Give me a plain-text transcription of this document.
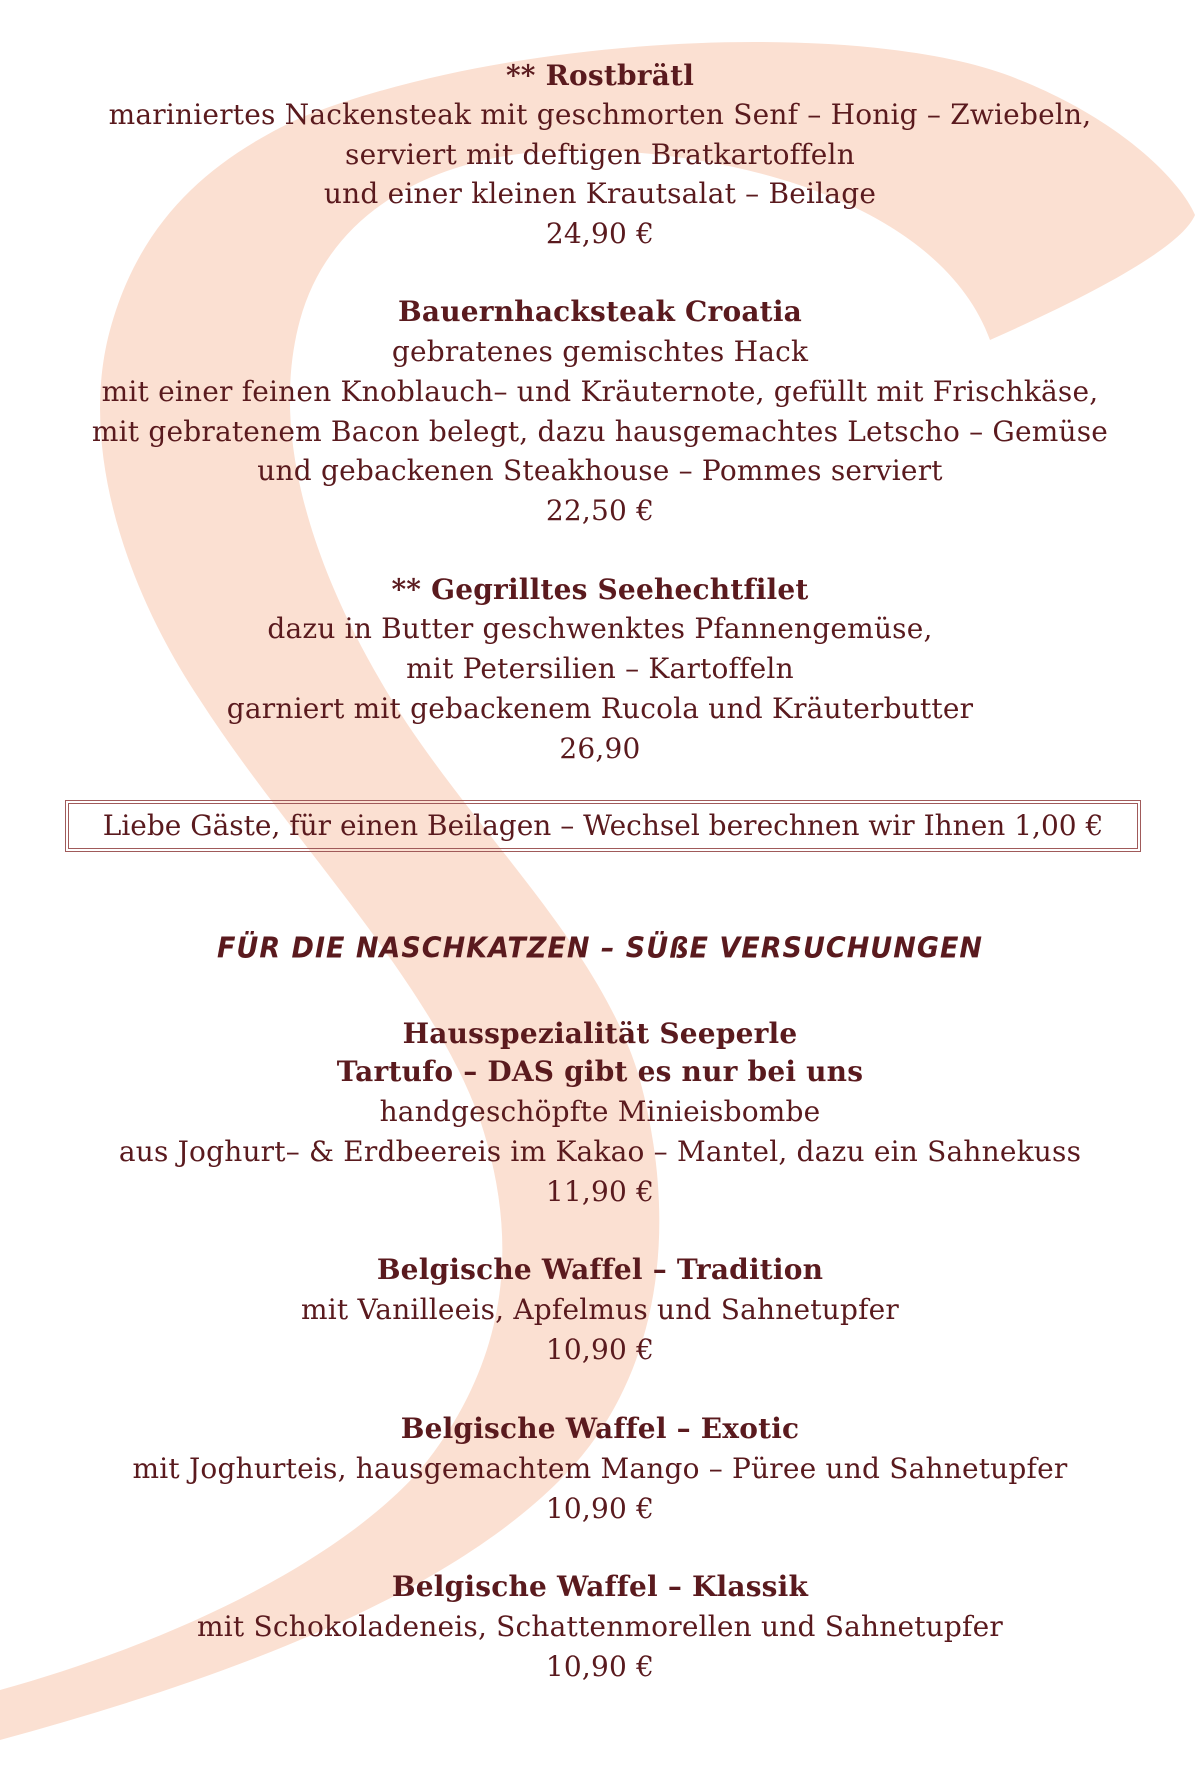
** Rostbrätl
mariniertes Nackensteak mit geschmorten Senf – Honig – Zwiebeln,
serviert mit deftigen Bratkartoffeln
und einer kleinen Krautsalat – Beilage
24,90 €
Bauernhacksteak Croatia
gebratenes gemischtes Hack
mit einer feinen Knoblauch– und Kräuternote, gefüllt mit Frischkäse,
mit gebratenem Bacon belegt, dazu hausgemachtes Letscho – Gemüse
und gebackenen Steakhouse – Pommes serviert
22,50 €
** Gegrilltes Seehechtfilet
dazu in Butter geschwenktes Pfannengemüse,
mit Petersilien – Kartoffeln
garniert mit gebackenem Rucola und Kräuterbutter
26,90
Liebe Gäste, für einen Beilagen – Wechsel berechnen wir Ihnen 1,00 €
FÜR DIE NASCHKATZEN – SÜßE VERSUCHUNGEN
Hausspezialität Seeperle
Tartufo – DAS gibt es nur bei uns
handgeschöpfte Minieisbombe
aus Joghurt– & Erdbeereis im Kakao – Mantel, dazu ein Sahnekuss
11,90 €
Belgische Waffel – Tradition
mit Vanilleeis, Apfelmus und Sahnetupfer
10,90 €
Belgische Waffel – Exotic
mit Joghurteis, hausgemachtem Mango – Püree und Sahnetupfer
10,90 €
Belgische Waffel – Klassik
mit Schokoladeneis, Schattenmorellen und Sahnetupfer
10,90 €
